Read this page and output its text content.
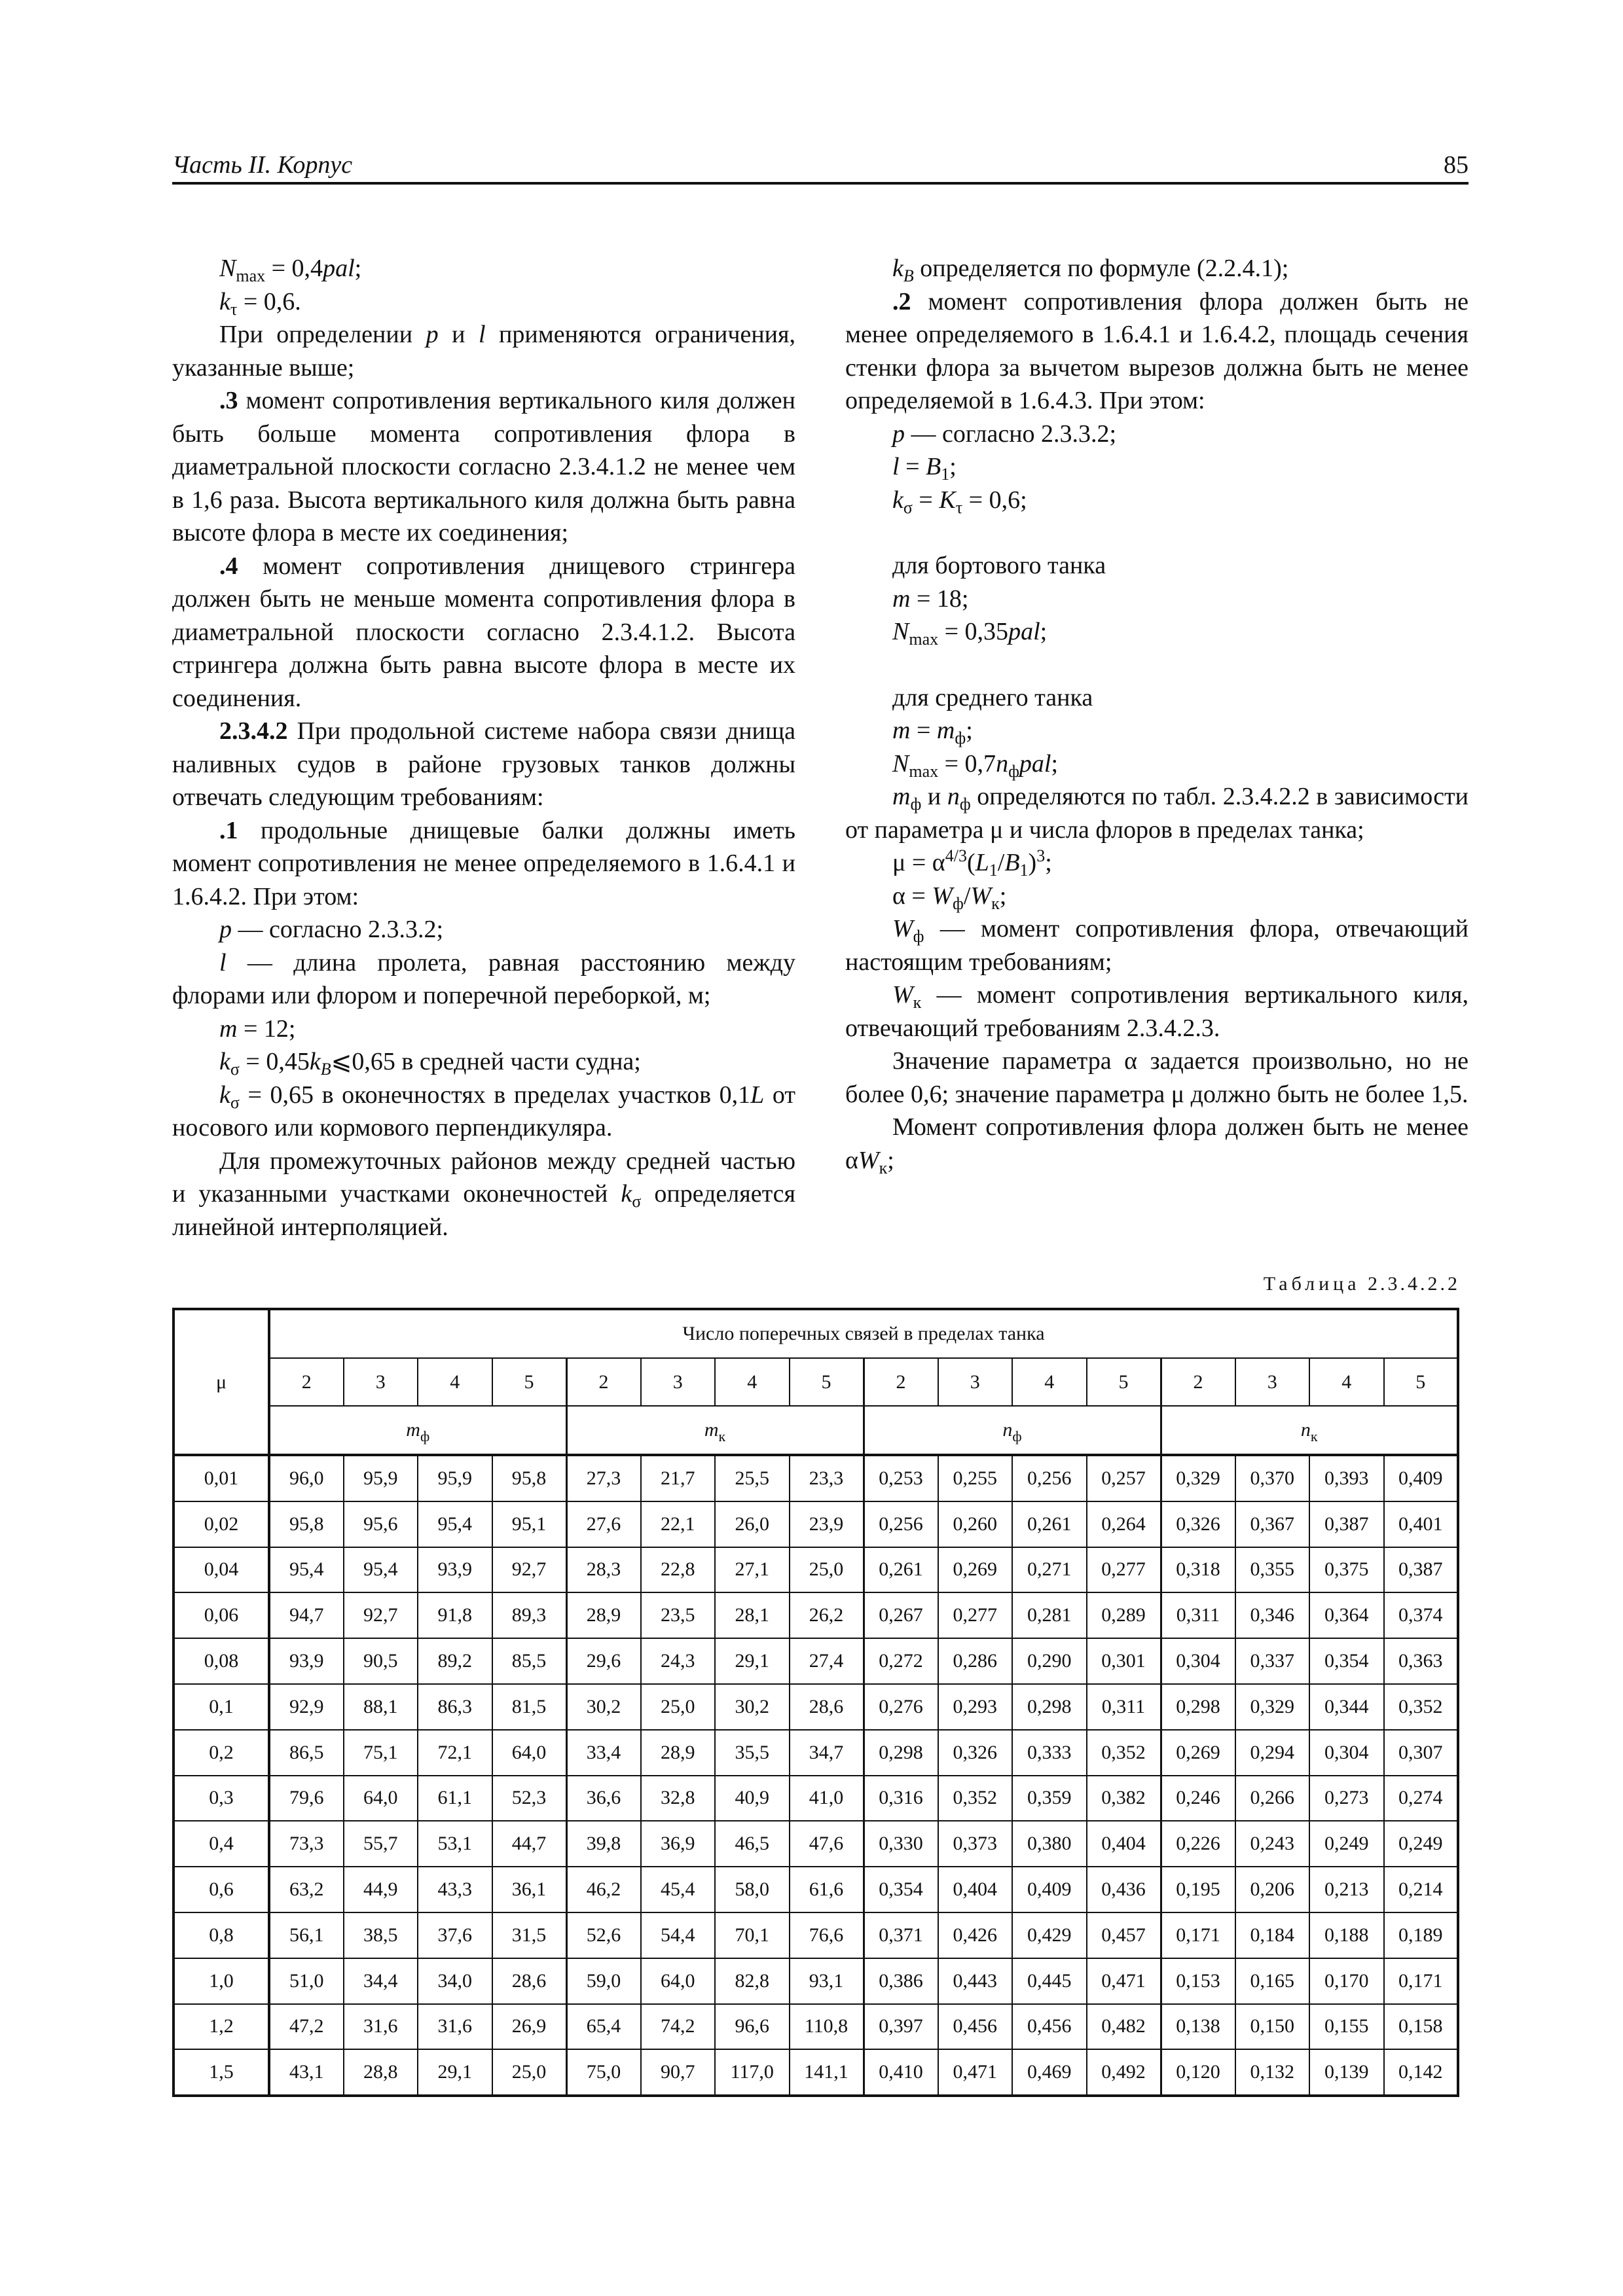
Часть II. Корпус	85

$N_{max} = 0,4pal$;

$k_\tau = 0,6$.

При определении p и l применяются ограничения, указанные выше;

.3 момент сопротивления вертикального киля должен быть больше момента сопротивления флора в диаметральной плоскости согласно 2.3.4.1.2 не менее чем в 1,6 раза. Высота вертикального киля должна быть равна высоте флора в месте их соединения;

.4 момент сопротивления днищевого стрингера должен быть не меньше момента сопротивления флора в диаметральной плоскости согласно 2.3.4.1.2. Высота стрингера должна быть равна высоте флора в месте их соединения.

2.3.4.2 При продольной системе набора связи днища наливных судов в районе грузовых танков должны отвечать следующим требованиям:

.1 продольные днищевые балки должны иметь момент сопротивления не менее определяемого в 1.6.4.1 и 1.6.4.2. При этом:

p — согласно 2.3.3.2;

l — длина пролета, равная расстоянию между флорами или флором и поперечной переборкой, м;

m = 12;

$k_\sigma$ = $0,45k_B⩽0,65$ в средней части судна;

$k_\sigma = 0,65$ в оконечностях в пределах участков 0,1L от носового или кормового перпендикуляра.

Для промежуточных районов между средней частью и указанными участками оконечностей $k_\sigma$ определяется линейной интерполяцией.

$k_B$ определяется по формуле (2.2.4.1);

.2 момент сопротивления флора должен быть не менее определяемого в 1.6.4.1 и 1.6.4.2, площадь сечения стенки флора за вычетом вырезов должна быть не менее определяемой в 1.6.4.3. При этом:

p — согласно 2.3.3.2;

$l = B_1$;

$k_\sigma = K_\tau = 0,6$;

для бортового танка

m = 18;

$N_{max} = 0,35pal$;

для среднего танка

$m = m_ф$;

$N_{max} = 0,7n_фpal$;

$m_ф$ и $n_ф$ определяются по табл. 2.3.4.2.2 в зависимости от параметра μ и числа флоров в пределах танка;

$\mu = \alpha^{4/3}(L_1/B_1)^3$;

$\alpha = W_ф/W_к$;

$W_ф$ — момент сопротивления флора, отвечающий настоящим требованиям;

$W_к$ — момент сопротивления вертикального киля, отвечающий требованиям 2.3.4.2.3.

Значение параметра α задается произвольно, но не более 0,6; значение параметра μ должно быть не более 1,5.

Момент сопротивления флора должен быть не менее $\alpha W_к$;

Таблица 2.3.4.2.2
μ	Число поперечных связей в пределах танка															
	2	3	4	5	2	3	4	5	2	3	4	5	2	3	4	5
	$m_ф$				$m_к$				$n_ф$				$n_к$
0,01	96,0	95,9	95,9	95,8	27,3	21,7	25,5	23,3	0,253	0,255	0,256	0,257	0,329	0,370	0,393	0,409
0,02	95,8	95,6	95,4	95,1	27,6	22,1	26,0	23,9	0,256	0,260	0,261	0,264	0,326	0,367	0,387	0,401
0,04	95,4	95,4	93,9	92,7	28,3	22,8	27,1	25,0	0,261	0,269	0,271	0,277	0,318	0,355	0,375	0,387
0,06	94,7	92,7	91,8	89,3	28,9	23,5	28,1	26,2	0,267	0,277	0,281	0,289	0,311	0,346	0,364	0,374
0,08	93,9	90,5	89,2	85,5	29,6	24,3	29,1	27,4	0,272	0,286	0,290	0,301	0,304	0,337	0,354	0,363
0,1	92,9	88,1	86,3	81,5	30,2	25,0	30,2	28,6	0,276	0,293	0,298	0,311	0,298	0,329	0,344	0,352
0,2	86,5	75,1	72,1	64,0	33,4	28,9	35,5	34,7	0,298	0,326	0,333	0,352	0,269	0,294	0,304	0,307
0,3	79,6	64,0	61,1	52,3	36,6	32,8	40,9	41,0	0,316	0,352	0,359	0,382	0,246	0,266	0,273	0,274
0,4	73,3	55,7	53,1	44,7	39,8	36,9	46,5	47,6	0,330	0,373	0,380	0,404	0,226	0,243	0,249	0,249
0,6	63,2	44,9	43,3	36,1	46,2	45,4	58,0	61,6	0,354	0,404	0,409	0,436	0,195	0,206	0,213	0,214
0,8	56,1	38,5	37,6	31,5	52,6	54,4	70,1	76,6	0,371	0,426	0,429	0,457	0,171	0,184	0,188	0,189
1,0	51,0	34,4	34,0	28,6	59,0	64,0	82,8	93,1	0,386	0,443	0,445	0,471	0,153	0,165	0,170	0,171
1,2	47,2	31,6	31,6	26,9	65,4	74,2	96,6	110,8	0,397	0,456	0,456	0,482	0,138	0,150	0,155	0,158
1,5	43,1	28,8	29,1	25,0	75,0	90,7	117,0	141,1	0,410	0,471	0,469	0,492	0,120	0,132	0,139	0,142
